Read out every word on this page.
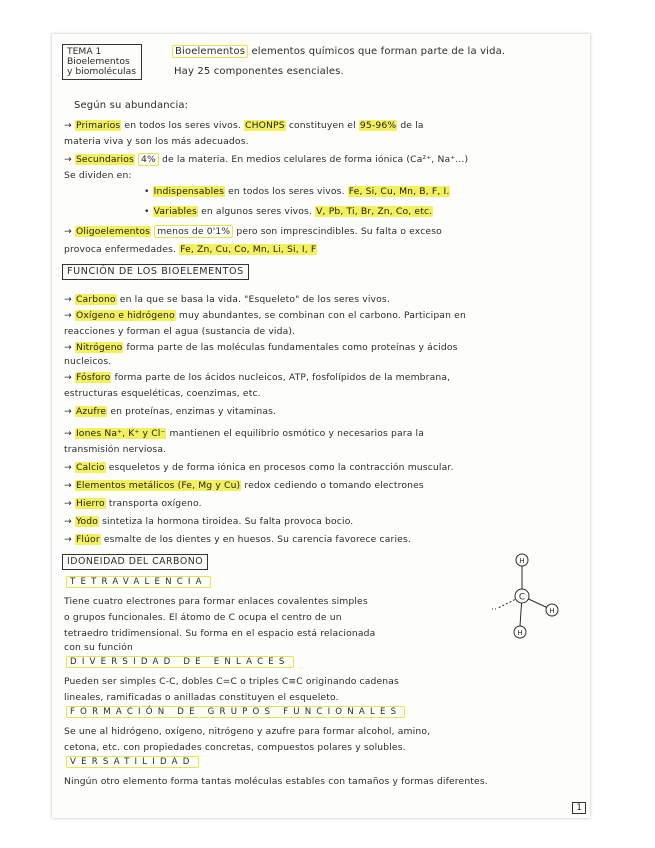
TEMA 1
Bioelementos
y biomoléculas
Bioelementos elementos químicos que forman parte de la vida.
Hay 25 componentes esenciales.
Según su abundancia:
→ Primarios en todos los seres vivos. CHONPS constituyen el 95-96% de la
materia viva y son los más adecuados.
→ Secundarios 4% de la materia. En medios celulares de forma iónica (Ca²⁺, Na⁺...)
Se dividen en:
• Indispensables en todos los seres vivos. Fe, Si, Cu, Mn, B, F, I.
• Variables en algunos seres vivos. V, Pb, Ti, Br, Zn, Co, etc.
→ Oligoelementos menos de 0'1% pero son imprescindibles. Su falta o exceso
provoca enfermedades. Fe, Zn, Cu, Co, Mn, Li, Si, I, F
FUNCIÓN DE LOS BIOELEMENTOS
→ Carbono en la que se basa la vida. "Esqueleto" de los seres vivos.
→ Oxígeno e hidrógeno muy abundantes, se combinan con el carbono. Participan en
reacciones y forman el agua (sustancia de vida).
→ Nitrógeno forma parte de las moléculas fundamentales como proteínas y ácidos
nucleicos.
→ Fósforo forma parte de los ácidos nucleicos, ATP, fosfolípidos de la membrana,
estructuras esqueléticas, coenzimas, etc.
→ Azufre en proteínas, enzimas y vitaminas.
→ Iones Na⁺, K⁺ y Cl⁻ mantienen el equilibrio osmótico y necesarios para la
transmisión nerviosa.
→ Calcio esqueletos y de forma iónica en procesos como la contracción muscular.
→ Elementos metálicos (Fe, Mg y Cu) redox cediendo o tomando electrones
→ Hierro transporta oxígeno.
→ Yodo sintetiza la hormona tiroidea. Su falta provoca bocio.
→ Flúor esmalte de los dientes y en huesos. Su carencia favorece caries.
IDONEIDAD DEL CARBONO
TETRAVALENCIA
Tiene cuatro electrones para formar enlaces covalentes simples
o grupos funcionales. El átomo de C ocupa el centro de un
tetraedro tridimensional. Su forma en el espacio está relacionada
con su función
DIVERSIDAD DE ENLACES
Pueden ser simples C-C, dobles C=C o triples C≡C originando cadenas
lineales, ramificadas o anilladas constituyen el esqueleto.
FORMACIÓN DE GRUPOS FUNCIONALES
Se une al hidrógeno, oxígeno, nitrógeno y azufre para formar alcohol, amino,
cetona, etc. con propiedades concretas, compuestos polares y solubles.
VERSATILIDAD
Ningún otro elemento forma tantas moléculas estables con tamaños y formas diferentes.
C
H
H
H
··
1
